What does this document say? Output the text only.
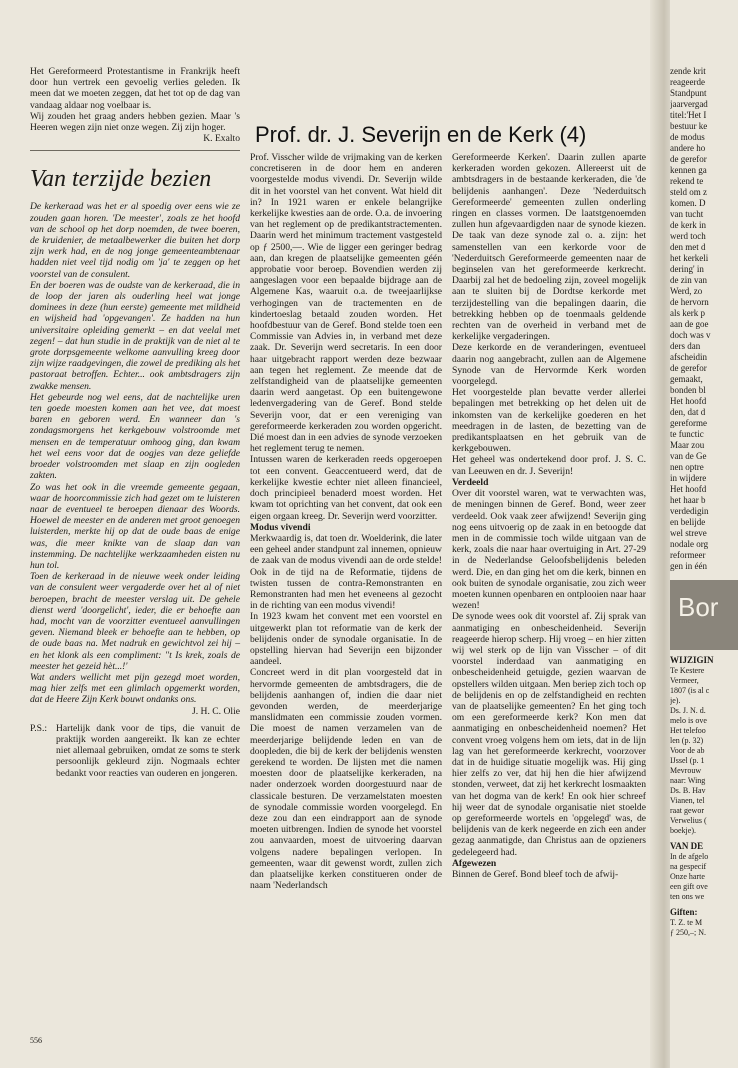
Prof. dr. J. Severijn en de Kerk (4)

Het Gereformeerd Protestantisme in Frankrijk heeft door hun vertrek een gevoelig verlies geleden. Ik meen dat we moeten zeggen, dat het tot op de dag van vandaag aldaar nog voelbaar is.

Wij zouden het graag anders hebben gezien. Maar 's Heeren wegen zijn niet onze wegen. Zij zijn hoger.

K. Exalto

Van terzijde bezien

De kerkeraad was het er al spoedig over eens wie ze zouden gaan horen. 'De meester', zoals ze het hoofd van de school op het dorp noemden, de twee boeren, de kruidenier, de metaalbewerker die buiten het dorp zijn werk had, en de nog jonge gemeenteambtenaar hadden niet veel tijd nodig om 'ja' te zeggen op het voorstel van de consulent.

En der boeren was de oudste van de kerkeraad, die in de loop der jaren als ouderling heel wat jonge dominees in deze (hun eerste) gemeente met mildheid en wijsheid had 'opgevangen'. Ze hadden na hun universitaire opleiding gemerkt – en dat veelal met zegen! – dat hun studie in de praktijk van de niet al te grote dorpsgemeente welkome aanvulling kreeg door zijn wijze raadgevingen, die zowel de prediking als het pastoraat betroffen. Echter... ook ambtsdragers zijn zwakke mensen.

Het gebeurde nog wel eens, dat de nachtelijke uren ten goede moesten komen aan het vee, dat moest baren en geboren werd. En wanneer dan 's zondagsmorgens het kerkgebouw volstroomde met mensen en de temperatuur omhoog ging, dan kwam het wel eens voor dat de oogjes van deze geliefde broeder volstroomden met slaap en zijn oogleden zakten.

Zo was het ook in die vreemde gemeente gegaan, waar de hoorcommissie zich had gezet om te luisteren naar de eventueel te beroepen dienaar des Woords. Hoewel de meester en de anderen met groot genoegen luisterden, merkte hij op dat de oude baas de enige was, die meer knikte van de slaap dan van instemming. De nachtelijke werkzaamheden eisten nu hun tol.

Toen de kerkeraad in de nieuwe week onder leiding van de consulent weer vergaderde over het al of niet beroepen, bracht de meester verslag uit. De gehele dienst werd 'doorgelicht', ieder, die er behoefte aan had, mocht van de voorzitter eventueel aanvullingen geven. Niemand bleek er behoefte aan te hebben, op de oude baas na. Met nadruk en gewichtvol zei hij – en het klonk als een compliment: ''t Is krek, zoals de meester het gezeid hèt...!'

Wat anders wellicht met pijn gezegd moet worden, mag hier zelfs met een glimlach opgemerkt worden, dat de Heere Zijn Kerk bouwt ondanks ons.

J. H. C. Olie

P.S.: Hartelijk dank voor de tips, die vanuit de praktijk worden aangereikt. Ik kan ze echter niet allemaal gebruiken, omdat ze soms te sterk persoonlijk gekleurd zijn. Nogmaals echter bedankt voor reacties van ouderen en jongeren.

Prof. Visscher wilde de vrijmaking van de kerken concretiseren in de door hem en anderen voorgestelde modus vivendi. Dr. Severijn wilde dit in het voorstel van het convent. Wat hield dit in? In 1921 waren er enkele belangrijke kerkelijke kwesties aan de orde. O.a. de invoering van het reglement op de predikantstractementen. Daarin werd het minimum tractement vastgesteld op ƒ 2500,—. Wie de ligger een geringer bedrag aan, dan kregen de plaatselijke gemeenten géén approbatie voor beroep. Bovendien werden zij aangeslagen voor een bepaalde bijdrage aan de Algemene Kas, waaruit o.a. de tweejaarlijkse verhogingen van de tractementen en de kindertoeslag betaald zouden worden. Het hoofdbestuur van de Geref. Bond stelde toen een Commissie van Advies in, in verband met deze zaak. Dr. Severijn werd secretaris. In een door haar uitgebracht rapport werden deze bezwaar aan tegen het reglement. Ze meende dat de zelfstandigheid van de plaatselijke gemeenten daarin werd aangetast. Op een buitengewone ledenvergadering van de Geref. Bond stelde Severijn voor, dat er een vereniging van gereformeerde kerkeraden zou worden opgericht. Dié moest dan in een advies de synode verzoeken het reglement terug te nemen.

Intussen waren de kerkeraden reeds opgeroepen tot een convent. Geaccentueerd werd, dat de kerkelijke kwestie echter niet alleen financieel, doch principieel benaderd moest worden. Het kwam tot oprichting van het convent, dat ook een eigen orgaan kreeg. Dr. Severijn werd voorzitter.

Modus vivendi

Merkwaardig is, dat toen dr. Woelderink, die later een geheel ander standpunt zal innemen, opnieuw de zaak van de modus vivendi aan de orde stelde! Ook in de tijd na de Reformatie, tijdens de twisten tussen de contra-Remonstranten en Remonstranten had men het eveneens al gezocht in de richting van een modus vivendi!

In 1923 kwam het convent met een voorstel en uitgewerkt plan tot reformatie van de kerk der belijdenis onder de synodale organisatie. In de opstelling hiervan had Severijn een bijzonder aandeel.

Concreet werd in dit plan voorgesteld dat in hervormde gemeenten de ambtsdragers, die de belijdenis aanhangen of, indien die daar niet gevonden werden, de meerderjarige manslidmaten een commissie zouden vormen. Die moest de namen verzamelen van de meerderjarige belijdende leden en van de doopleden, die bij de kerk der belijdenis wensten gerekend te worden. De lijsten met die namen moesten door de plaatselijke kerkeraden, na nader onderzoek worden doorgestuurd naar de classicale besturen. De verzamelstaten moesten de synodale commissie worden voorgelegd. En deze zou dan een eindrapport aan de synode moeten uitbrengen. Indien de synode het voorstel zou aanvaarden, moest de uitvoering daarvan volgens nadere bepalingen verlopen. In gemeenten, waar dit gewenst wordt, zullen zich dan plaatselijke kerken constitueren onder de naam 'Nederlandsch

Gereformeerde Kerken'. Daarin zullen aparte kerkeraden worden gekozen. Allereerst uit de ambtsdragers in de bestaande kerkeraden, die 'de belijdenis aanhangen'. Deze 'Nederduitsch Gereformeerde' gemeenten zullen onderling ringen en classes vormen. De laatstgenoemden zullen hun afgevaardigden naar de synode kiezen. De taak van deze synode zal o. a. zijn: het samenstellen van een kerkorde voor de 'Nederduitsch Gereformeerde gemeenten naar de beginselen van het gereformeerde kerkrecht. Daarbij zal het de bedoeling zijn, zoveel mogelijk aan te sluiten bij de Dordtse kerkorde met terzijdestelling van die bepalingen daarin, die betrekking hebben op de toenmaals geldende rechten van de overheid in verband met de kerkelijke vergaderingen.

Deze kerkorde en de veranderingen, eventueel daarin nog aangebracht, zullen aan de Algemene Synode van de Hervormde Kerk worden voorgelegd.

Het voorgestelde plan bevatte verder allerlei bepalingen met betrekking op het delen uit de inkomsten van de kerkelijke goederen en het meedragen in de lasten, de bezetting van de predikantsplaatsen en het gebruik van de kerkgebouwen.

Het geheel was ondertekend door prof. J. S. C. van Leeuwen en dr. J. Severijn!

Verdeeld

Over dit voorstel waren, wat te verwachten was, de meningen binnen de Geref. Bond, weer zeer verdeeld. Ook vaak zeer afwijzend! Severijn ging nog eens uitvoerig op de zaak in en betoogde dat men in de commissie toch wilde uitgaan van de kerk, zoals die naar haar overtuiging in Art. 27-29 in de Nederlandse Geloofsbelijdenis beleden werd. Die, en dan ging het om die kerk, binnen en ook buiten de synodale organisatie, zou zich weer moeten kunnen openbaren en ontplooien naar haar wezen!

De synode wees ook dit voorstel af. Zij sprak van aanmatiging en onbescheidenheid. Severijn reageerde hierop scherp. Hij vroeg – en hier zitten wij wel sterk op de lijn van Visscher – of dit voorstel inderdaad van aanmatiging en onbescheidenheid getuigde, gezien waarvan de opstellers wilden uitgaan. Men beriep zich toch op de belijdenis en op de zelfstandigheid en rechten van de plaatselijke gemeenten? En het ging toch om een gereformeerde kerk? Kon men dat aanmatiging en onbescheidenheid noemen? Het convent vroeg volgens hem om iets, dat in de lijn lag van het gereformeerde kerkrecht, voorzover dat in de huidige situatie mogelijk was. Hij ging hier zelfs zo ver, dat hij hen die hier afwijzend stonden, verweet, dat zij het kerkrecht losmaakten van het dogma van de kerk! En ook hier schreef hij weer dat de synodale organisatie niet stoelde op gereformeerde wortels en 'opgelegd' was, de belijdenis van de kerk negeerde en zich een ander gezag aanmatigde, dan Christus aan de opzieners gedelegeerd had.

Afgewezen

Binnen de Geref. Bond bleef toch de afwij-

zende krit
reageerde
Standpunt
jaarvergad
titel:'Het I
bestuur ke
de modus
andere ho
de gerefor
kennen ga
rekend te
steld om z
komen. D
van tucht
de kerk in
werd toch
den met d
het kerkeli
dering' in
de zin van
Werd, zo
de hervorn
als kerk p
aan de goe
doch was v
ders dan
afscheidin
de gerefor
gemaakt,
bonden bl
Het hoofd
den, dat d
gereforme
te functic
Maar zou
van de Ge
nen optre
in wijdere
Het hoofd
het haar b
verdedigin
en belijde
wel streve
nodale org
reformeer
gen in één
Bor
WIJZIGIN
Te Kestere
Vermeer,
1807 (is al c
je).
Ds. J. N. d.
melo is ove
Het telefoo
len (p. 32)
Voor de ab
IJssel (p. 1
Mevrouw
naar: Wing
Ds. B. Hav
Vianen, tel
raat gewor
Verwelius (
boekje).
VAN DE
In de afgelo
na gespecif
Onze harte
een gift ove
ten ons we
Giften:
T. Z. te M
ƒ 250,–; N.
556
